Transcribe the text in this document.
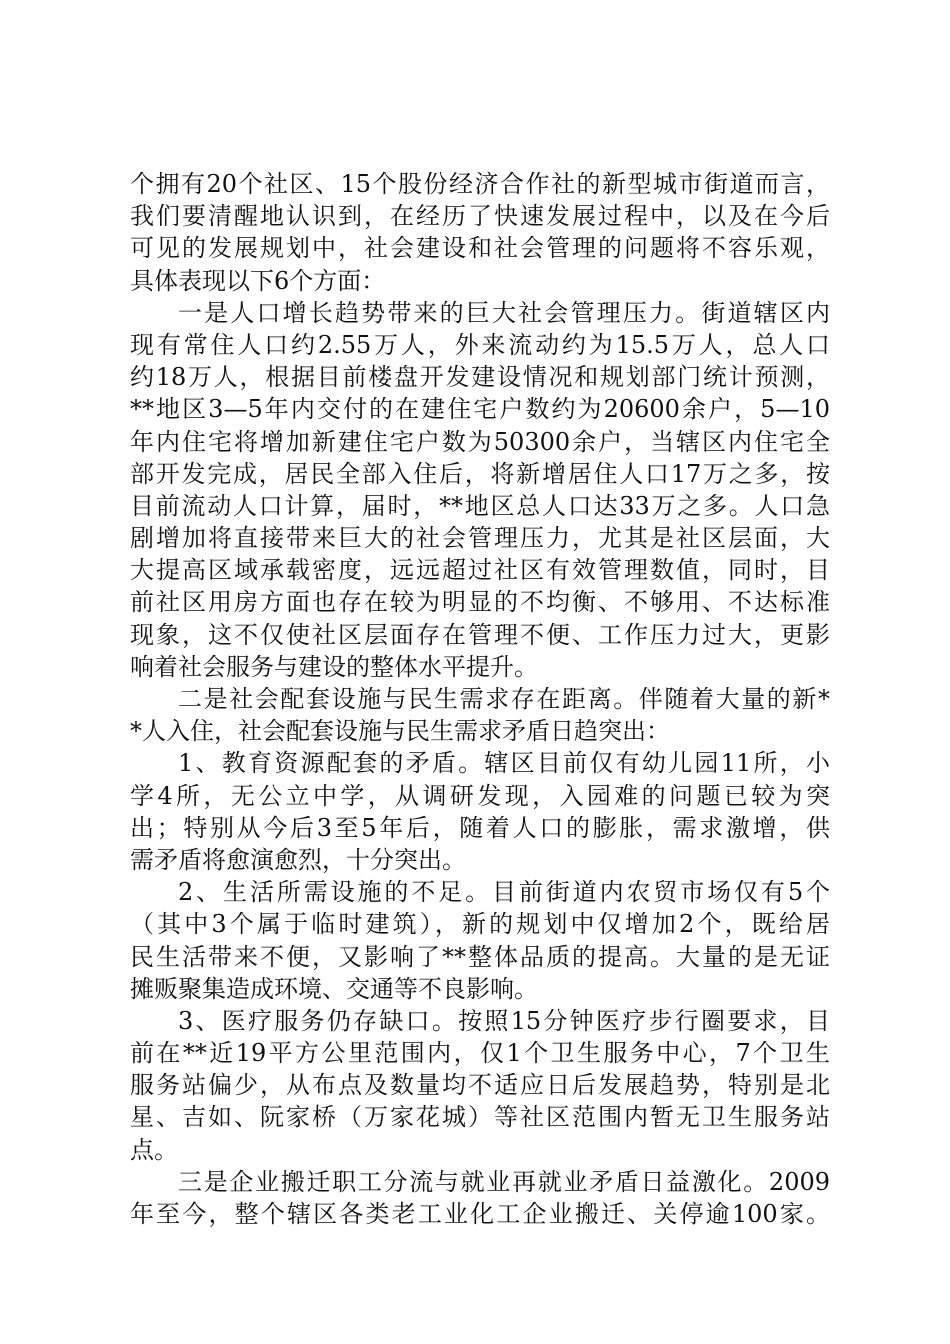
个拥有20个社区、15个股份经济合作社的新型城市街道而言，
我们要清醒地认识到，在经历了快速发展过程中，以及在今后
可见的发展规划中，社会建设和社会管理的问题将不容乐观，
具体表现以下6个方面：
一是人口增长趋势带来的巨大社会管理压力。街道辖区内
现有常住人口约2.55万人，外来流动约为15.5万人，总人口
约18万人，根据目前楼盘开发建设情况和规划部门统计预测，
**地区3—5年内交付的在建住宅户数约为20600余户，5—10
年内住宅将增加新建住宅户数为50300余户，当辖区内住宅全
部开发完成，居民全部入住后，将新增居住人口17万之多，按
目前流动人口计算，届时，**地区总人口达33万之多。人口急
剧增加将直接带来巨大的社会管理压力，尤其是社区层面，大
大提高区域承载密度，远远超过社区有效管理数值，同时，目
前社区用房方面也存在较为明显的不均衡、不够用、不达标准
现象，这不仅使社区层面存在管理不便、工作压力过大，更影
响着社会服务与建设的整体水平提升。
二是社会配套设施与民生需求存在距离。伴随着大量的新*
*人入住，社会配套设施与民生需求矛盾日趋突出：
1、教育资源配套的矛盾。辖区目前仅有幼儿园11所，小
学4所，无公立中学，从调研发现，入园难的问题已较为突
出；特别从今后3至5年后，随着人口的膨胀，需求激增，供
需矛盾将愈演愈烈，十分突出。
2、生活所需设施的不足。目前街道内农贸市场仅有5个
（其中3个属于临时建筑），新的规划中仅增加2个，既给居
民生活带来不便，又影响了**整体品质的提高。大量的是无证
摊贩聚集造成环境、交通等不良影响。
3、医疗服务仍存缺口。按照15分钟医疗步行圈要求，目
前在**近19平方公里范围内，仅1个卫生服务中心，7个卫生
服务站偏少，从布点及数量均不适应日后发展趋势，特别是北
星、吉如、阮家桥（万家花城）等社区范围内暂无卫生服务站
点。
三是企业搬迁职工分流与就业再就业矛盾日益激化。2009
年至今，整个辖区各类老工业化工企业搬迁、关停逾100家。
